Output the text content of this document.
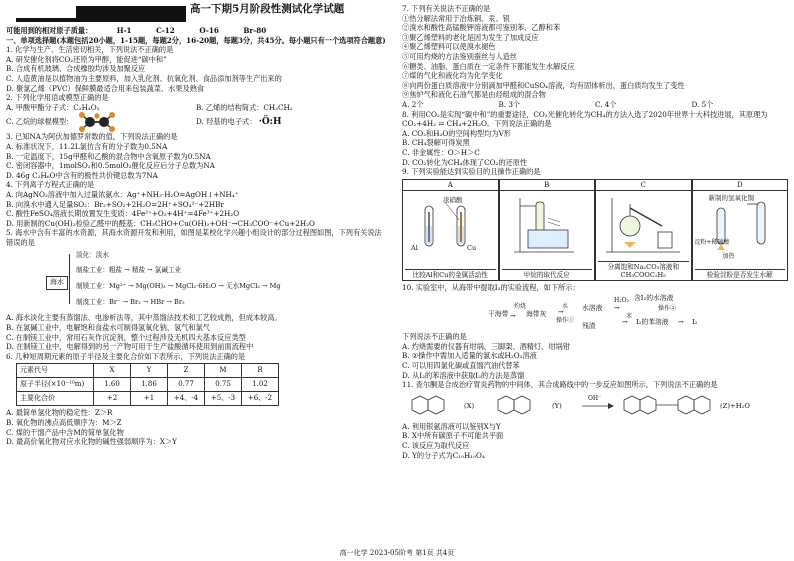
高一下期5月阶段性测试化学试题
可能用到的相对原子质量：	H-1	C-12	O-16	Br-80
一、单项选择题(本题包括20小题，1-15题，每题2分，16-20题，每题3分，共45分。每小题只有一个选项符合题意)
1. 化学与生产、生活密切相关，下列说法不正确的是
A. 研发催化剂将CO₂还原为甲醇，能促进“碳中和”
B. 合成有机玻璃、合成橡胶均涉及加聚反应
C. 人造黄油是以植物油为主要原料，加入乳化剂、抗氧化剂、食品添加剂等生产出来的
D. 聚氯乙烯（PVC）保鲜膜最适合用来包装蔬菜、水果及熟食
2. 下列化学用语或模型正确的是
A. 甲酸甲酯分子式：C₂H₄O₂	B. 乙烯的结构简式：CH₂CH₂
C. 乙烷的球棍模型：	D. 羟基的电子式： ·Ö:H
3. 已知NA为阿伏加德罗常数的值，下列说法正确的是
A. 标准状况下，11.2L氯仿含有的分子数为0.5NA
B. 一定温度下，15g甲醛和乙酸的混合物中含氧原子数为0.5NA
C. 密闭容器中，1molSO₂和0.5molO₂催化反应后分子总数为NA
D. 46g C₂H₆O中含有的极性共价键总数为7NA
4. 下列离子方程式正确的是
A. 向AgNO₃溶液中加入过量浓氨水：Ag⁺+NH₃·H₂O=AgOH↓+NH₄⁺
B. 向溴水中通入足量SO₂：Br₂+SO₂+2H₂O=2H⁺+SO₄²⁻+2HBr
C. 酸性FeSO₄溶液长期放置发生变质：4Fe²⁺+O₂+4H⁺=4Fe³⁺+2H₂O
D. 用新制的Cu(OH)₂检验乙醛中的醛基：CH₃CHO+Cu(OH)₂+OH⁻→CH₃COO⁻+Cu+2H₂O
5. 海水中含有丰富的水资源，其海水资源开发和利用，如图是某校化学兴趣小组设计的部分过程图如图，下列有关说法错误的是
海水
淡化：淡水
制盐工业：粗盐 → 精盐 → 氯碱工业
制镁工业：Mg²⁺ → Mg(OH)₂ → MgCl₂·6H₂O → 无水MgCl₂ → Mg
制溴工业：Br⁻ → Br₂ → HBr → Br₂
A. 海水淡化主要有蒸馏法、电渗析法等，其中蒸馏法技术和工艺较成熟，但成本较高。
B. 在氯碱工业中，电解饱和食盐水可制得氢氧化钠、氢气和氯气
C. 在制镁工业中，常用石灰作沉淀剂，整个过程涉及无机四大基本反应类型
D. 在制镁工业中，电解得到的另一产物可用于生产盐酸循环使用到前面流程中
6. 几种短周期元素的原子半径及主要化合价如下表所示，下列说法正确的是
元素代号	X	Y	Z	M	R
原子半径(×10⁻¹⁰m)	1.60	1.86	0.77	0.75	1.02
主要化合价	+2	+1	+4、-4	+5、-3	+6、-2
A. 最简单氢化物的稳定性：Z＞R
B. 氧化物的沸点高低顺序为：M＞Z
C. 煤的干馏产品中含M的简单氢化物
D. 最高价氧化物对应水化物的碱性强弱顺序为：X＞Y
7. 下列有关说法不正确的是
①热分解法常用于冶炼铜、汞、银
②溴水和酸性高锰酸钾溶液都可鉴别苯、乙醇和苯
③聚乙烯塑料的老化是因为发生了加成反应
④聚乙烯塑料可以使溴水褪色
⑤可用灼烧的方法鉴别蚕丝与人造丝
⑥糖类、油脂、蛋白质在一定条件下都能发生水解反应
⑦煤的气化和液化均为化学变化
⑧向两份蛋白质溶液中分别滴加甲醛和CuSO₄溶液，均有固体析出，蛋白质均发生了变性
⑨焦炉气和液化石油气都是由烃组成的混合物
A. 2个	B. 3个	C. 4个	D. 5个
8. 利用CO₂是实现“碳中和”的重要途径，CO₂光催化转化为CH₄的方法入选了2020年世界十大科技进展，其原理为CO₂+4H₂ ⇌ CH₄+2H₂O。下列说法正确的是
A. CO₂和H₂O的空间构型均为V形
B. CH₄裂解可得炭黑
C. 非金属性：O＞H＞C
D. CO₂转化为CH₄体现了CO₂的还原性
9. 下列实验能达到实验目的且操作正确的是
A
浓硝酸
Al	Cu
比较Al和Cu的金属活动性
B
甲烷的取代反应
C
分离饱和Na₂CO₃溶液和CH₃COOC₂H₅
D
新制的氢氧化铜
淀粉+稀硫酸
加热
检验淀粉是否发生水解
10. 实验室中，从海带中提取I₂的实验流程，如下所示：
干海带
灼烧
→ 海带灰
水
操作①
→	水溶液
残渣
H₂O₂
→
含I₂的水溶液
操作②
苯
→ I₂的苯溶液 → I₂
下列说法不正确的是
A. 灼烧需要的仪器有坩埚、三脚架、酒精灯、坩埚钳
B. ②操作中需加入适量的氯水或H₂O₂溶液
C. 可以用四氯化碳或直馏汽油代替苯
D. 从I₂的苯溶液中获取I₂的方法是蒸馏
11. 查尔酮是合成治疗胃炎药物的中间体，其合成路线中的一步反应如图所示，下列说法不正确的是
(X)	(Y)
OH⁻
(Z)+H₂O
A. 利用银氨溶液可以鉴别X与Y
B. X中所有碳原子不可能共平面
C. 该反应为取代反应
D. Y的分子式为C₁₀H₁₀O₄
高一化学 2023-05阶考 第1页 共4页
